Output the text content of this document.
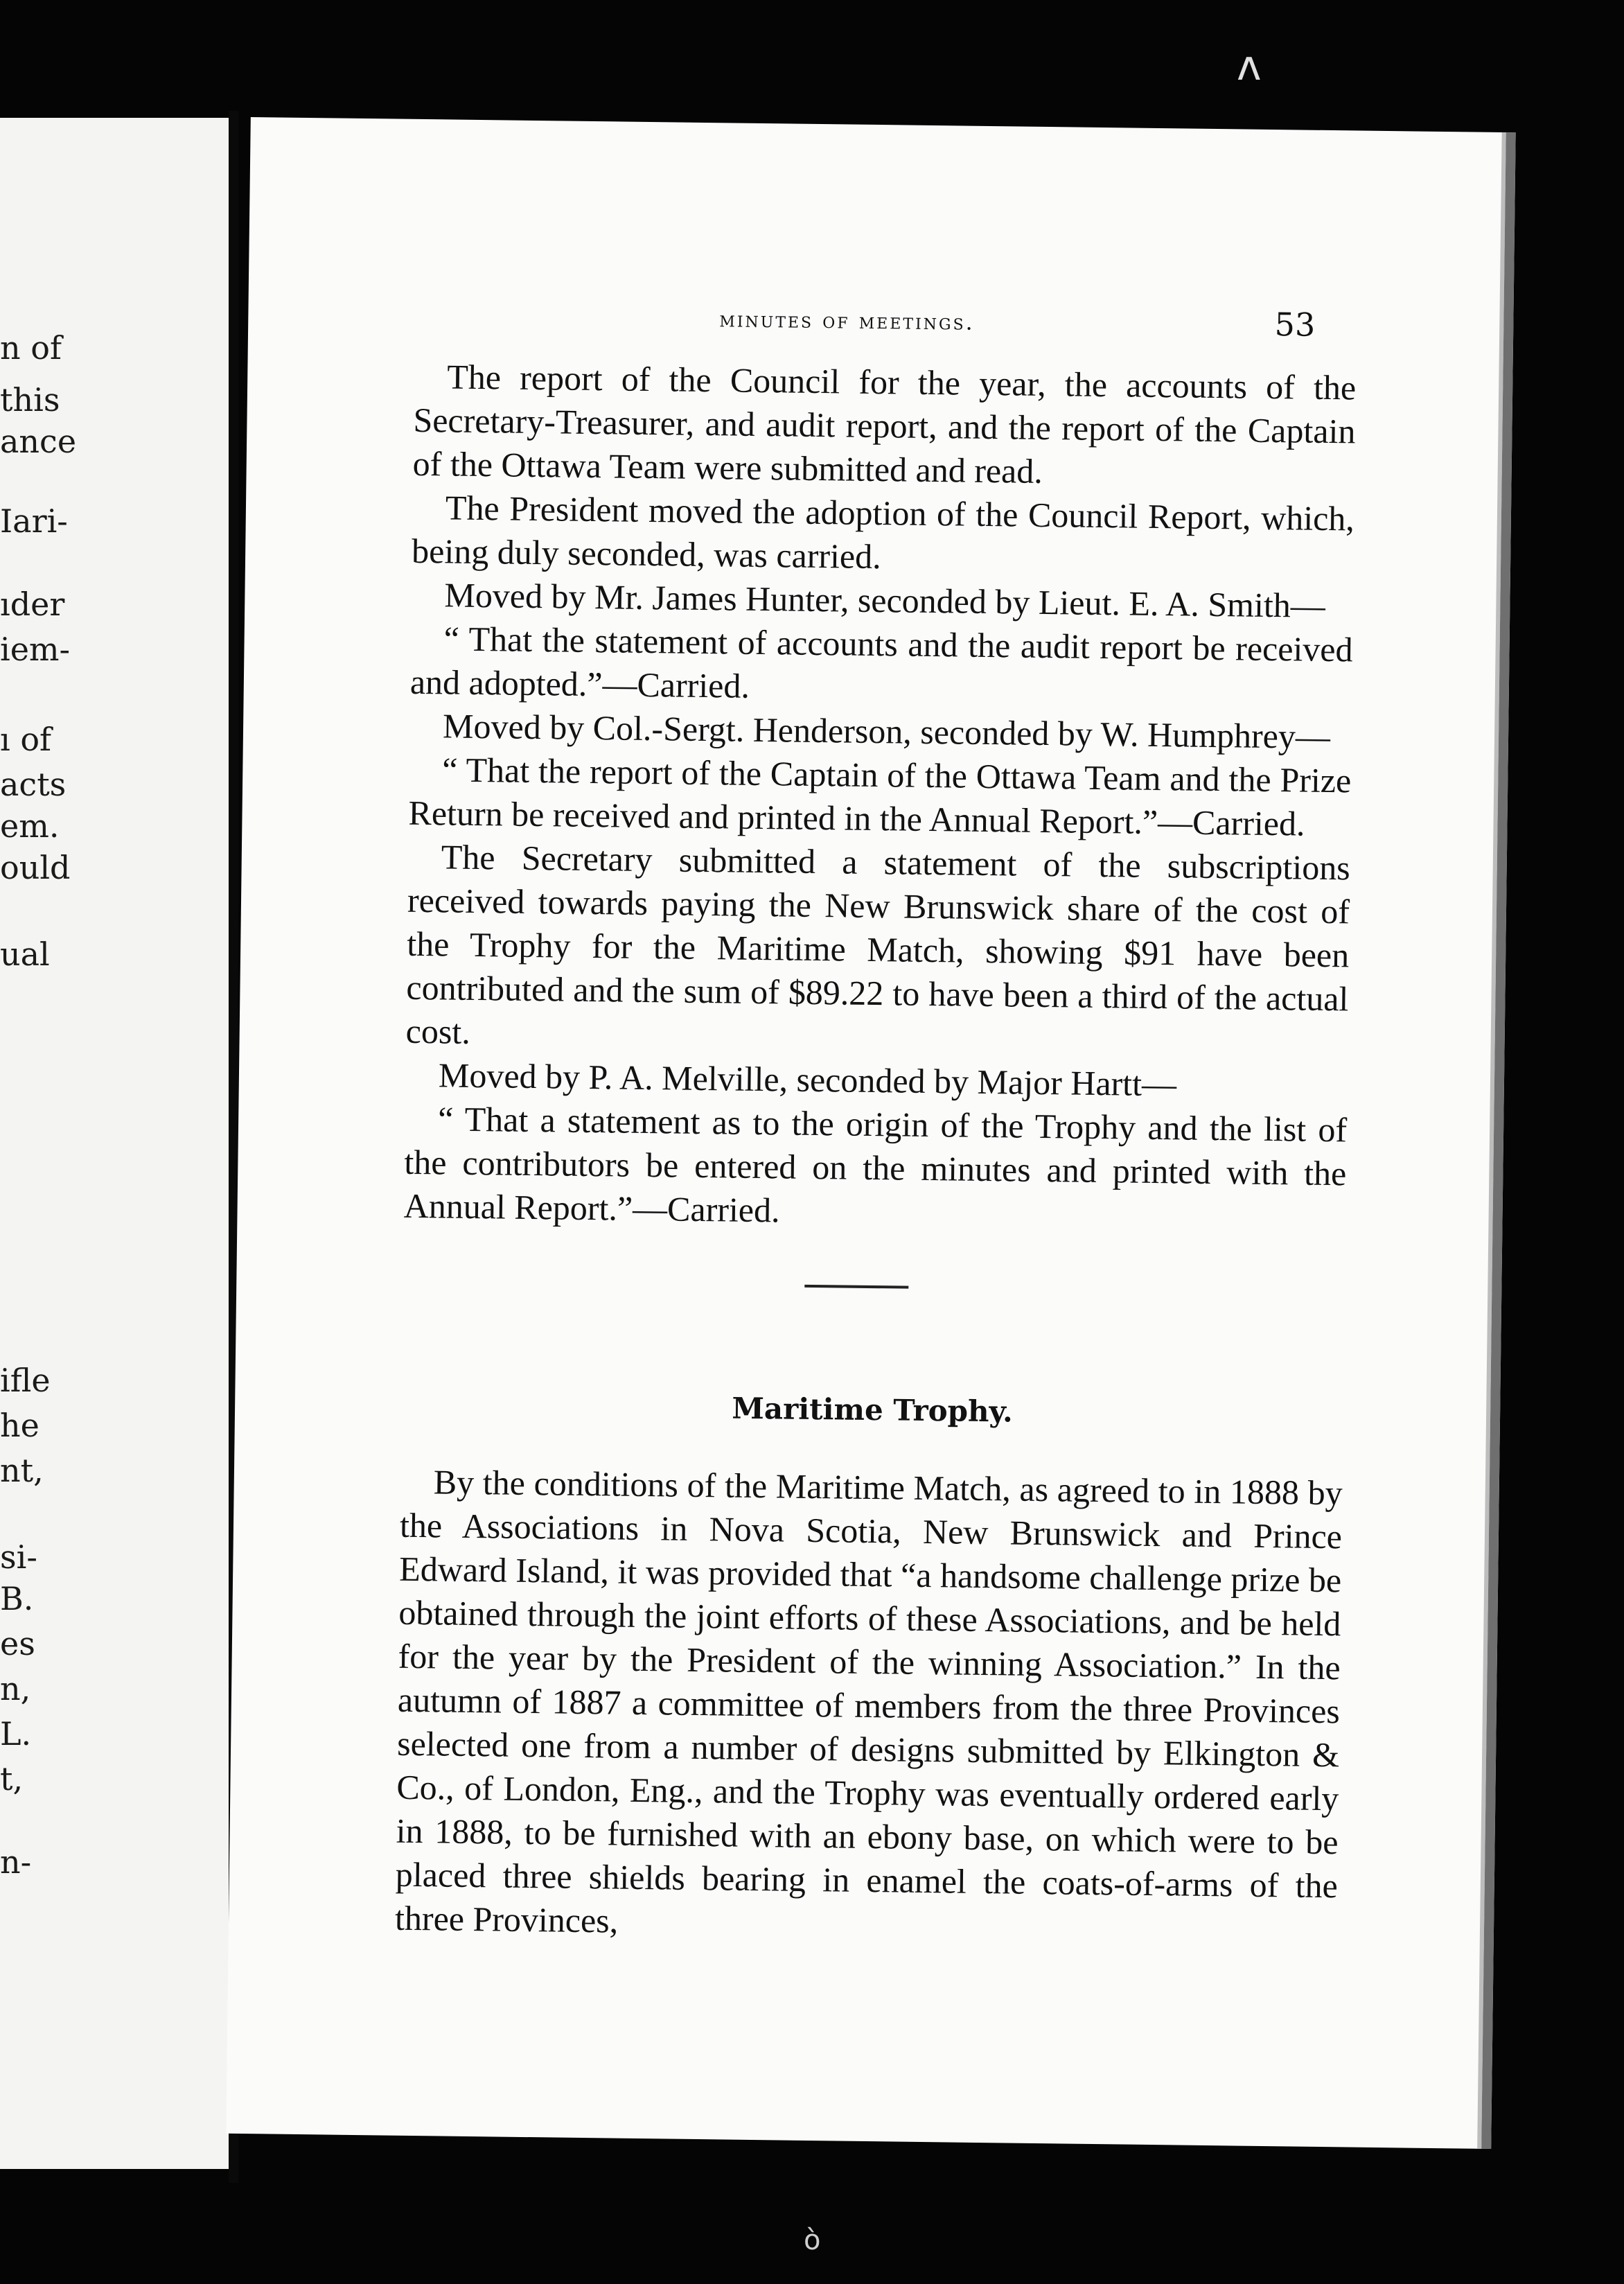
n of
this
ance
Iari-
ıder
iem-
ı of
acts
em.
ould
ual
ifle
he
nt,
si-
B.
es
n,
L.
t,
n-
minutes of meetings.	53

The report of the Council for the year, the accounts of the Secretary-Treasurer, and audit report, and the report of the Captain of the Ottawa Team were submitted and read.

The President moved the adoption of the Council Report, which, being duly seconded, was carried.

Moved by Mr. James Hunter, seconded by Lieut. E. A. Smith—

“ That the statement of accounts and the audit report be received and adopted.”—Carried.

Moved by Col.-Sergt. Henderson, seconded by W. Humphrey—

“ That the report of the Captain of the Ottawa Team and the Prize Return be received and printed in the Annual Report.”—Carried.

The Secretary submitted a statement of the subscriptions received towards paying the New Brunswick share of the cost of the Trophy for the Maritime Match, showing $91 have been contributed and the sum of $89.22 to have been a third of the actual cost.

Moved by P. A. Melville, seconded by Major Hartt—

“ That a statement as to the origin of the Trophy and the list of the contributors be entered on the minutes and printed with the Annual Report.”—Carried.

Maritime Trophy.

By the conditions of the Maritime Match, as agreed to in 1888 by the Associations in Nova Scotia, New Brunswick and Prince Edward Island, it was provided that “a handsome challenge prize be obtained through the joint efforts of these Associations, and be held for the year by the President of the winning Association.” In the autumn of 1887 a committee of members from the three Provinces selected one from a number of designs submitted by Elkington & Co., of London, Eng., and the Trophy was eventually ordered early in 1888, to be furnished with an ebony base, on which were to be placed three shields bearing in enamel the coats-of-arms of the three Provinces,

ʌ
ò
